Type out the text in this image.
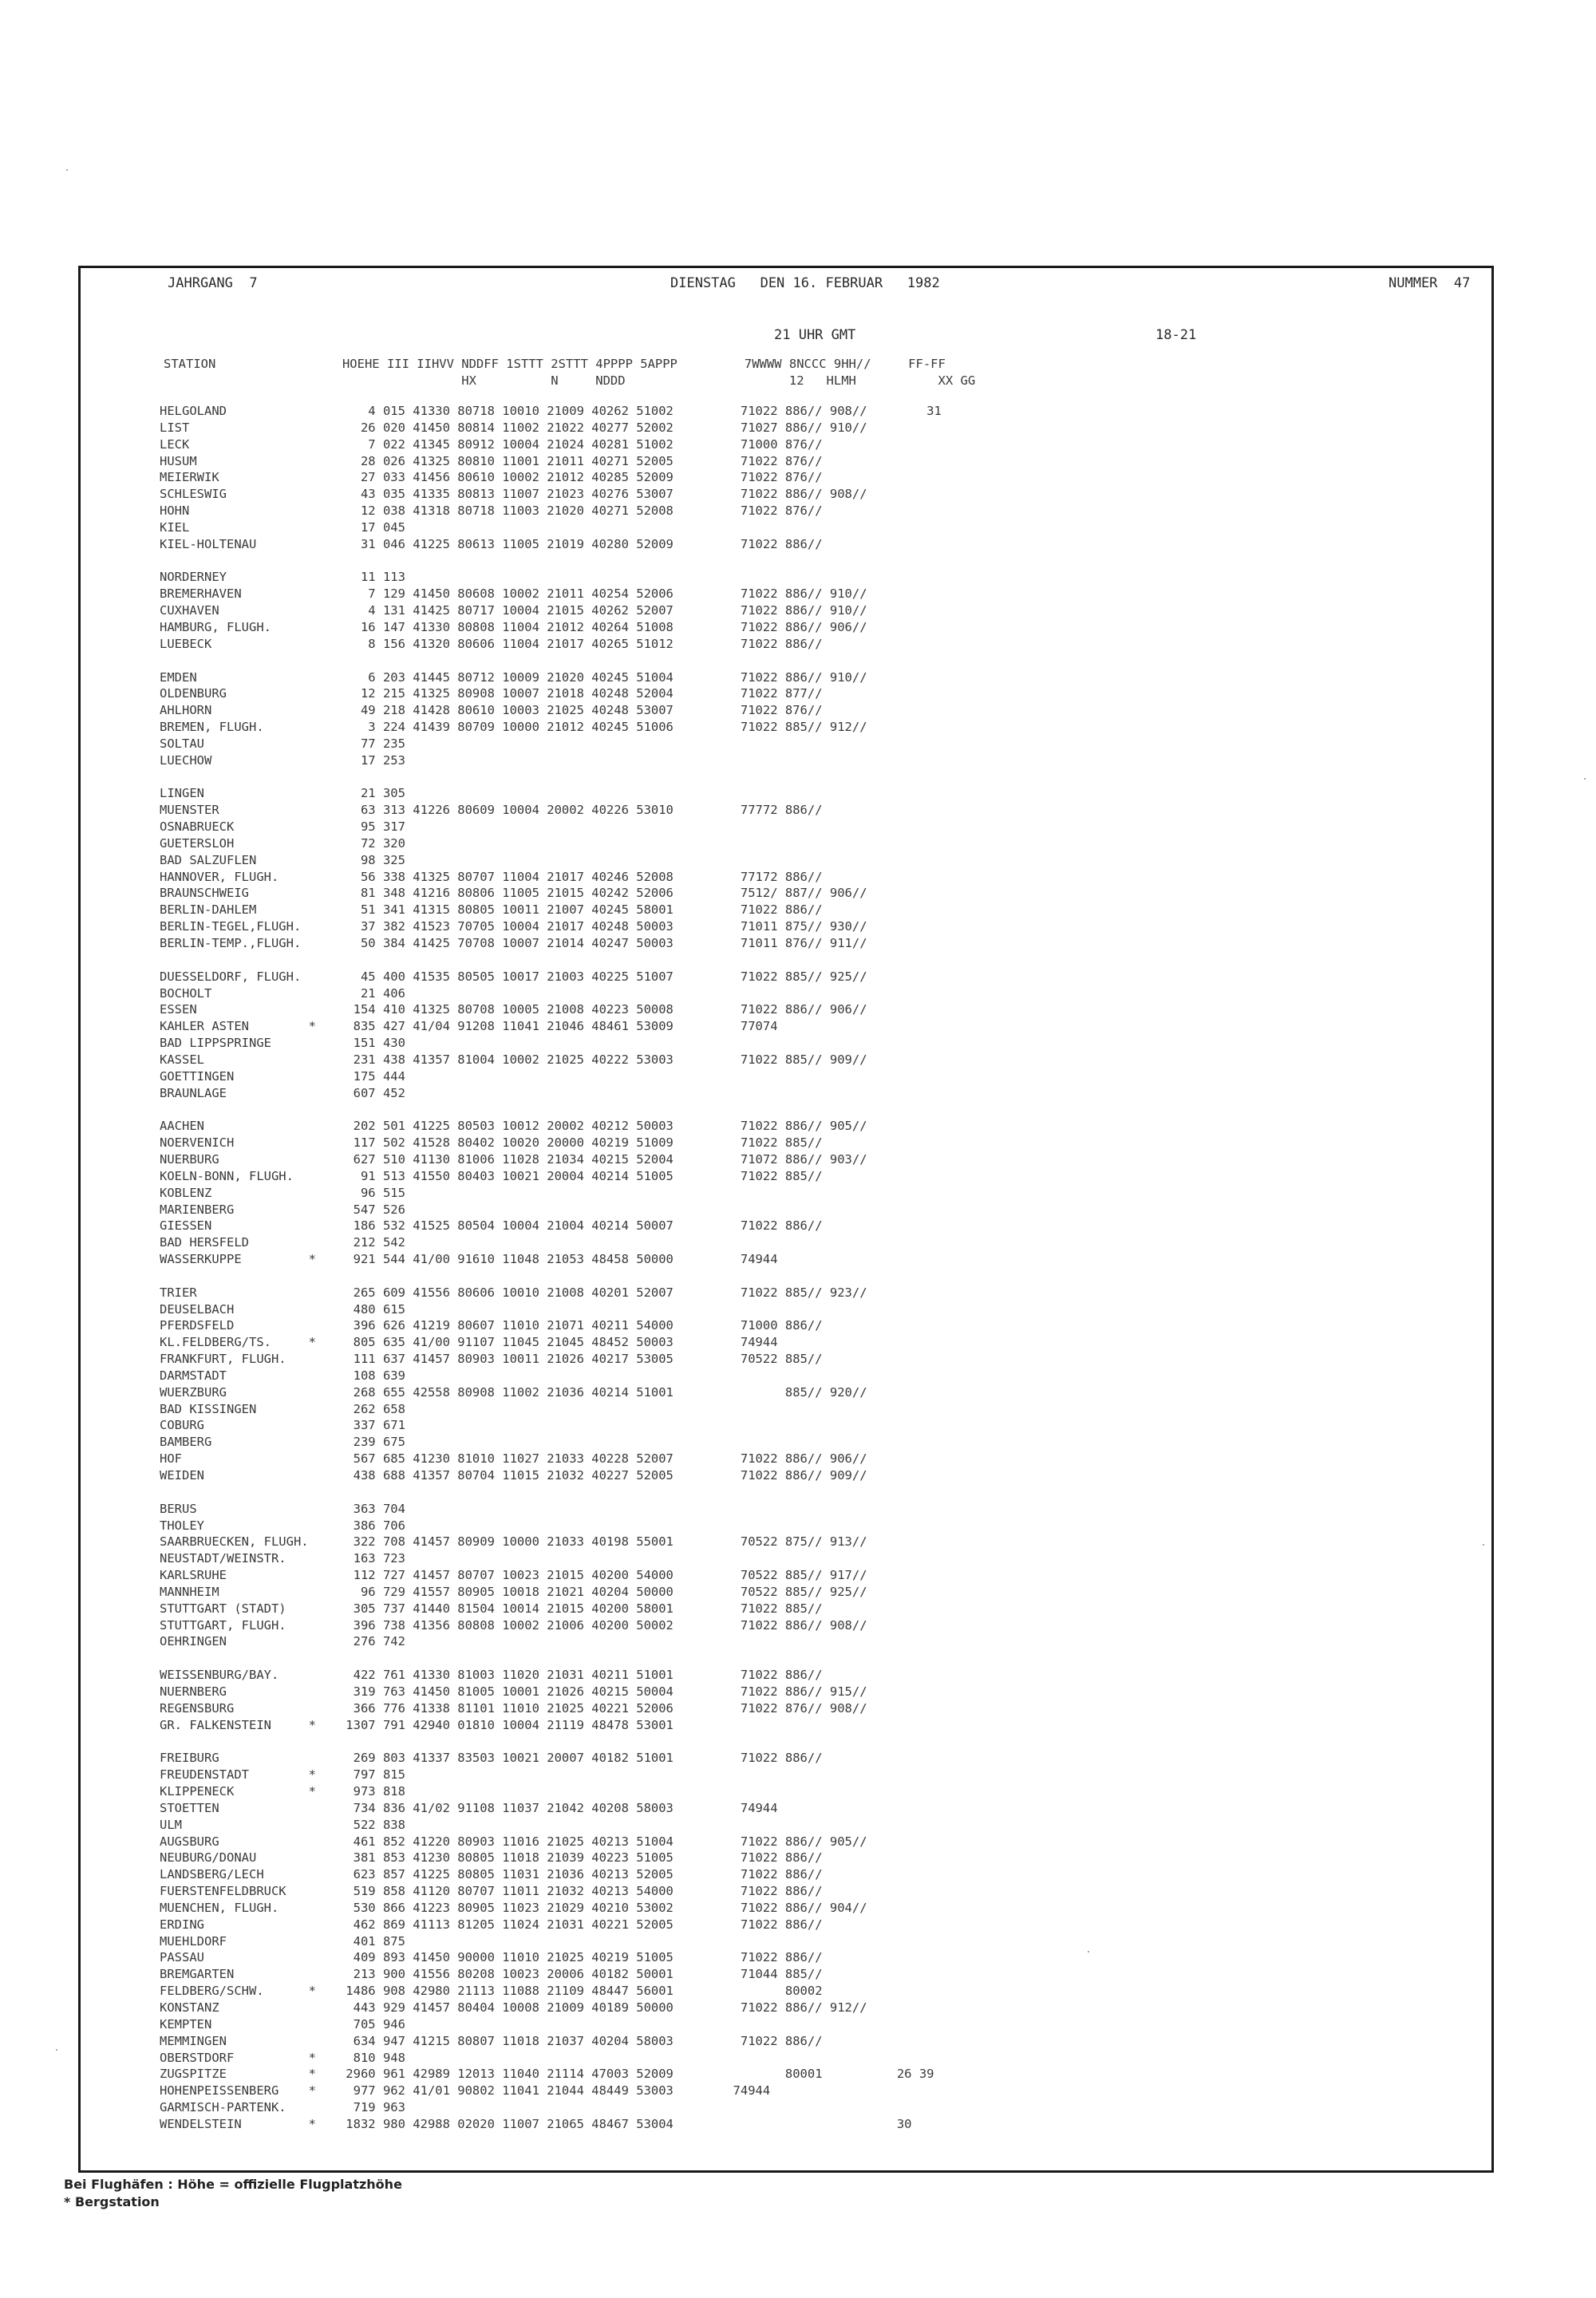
JAHRGANG  7	DIENSTAG   DEN 16. FEBRUAR   1982	NUMMER  47
21 UHR GMT	18-21
STATION                 HOEHE III IIHVV NDDFF 1STTT 2STTT 4PPPP 5APPP         7WWWW 8NCCC 9HH//     FF-FF
HX          N     NDDD                      12   HLMH           XX GG
HELGOLAND                   4 015 41330 80718 10010 21009 40262 51002         71022 886// 908//        31
LIST                       26 020 41450 80814 11002 21022 40277 52002         71027 886// 910//
LECK                        7 022 41345 80912 10004 21024 40281 51002         71000 876//
HUSUM                      28 026 41325 80810 11001 21011 40271 52005         71022 876//
MEIERWIK                   27 033 41456 80610 10002 21012 40285 52009         71022 876//
SCHLESWIG                  43 035 41335 80813 11007 21023 40276 53007         71022 886// 908//
HOHN                       12 038 41318 80718 11003 21020 40271 52008         71022 876//
KIEL                       17 045
KIEL-HOLTENAU              31 046 41225 80613 11005 21019 40280 52009         71022 886//
NORDERNEY                  11 113
BREMERHAVEN                 7 129 41450 80608 10002 21011 40254 52006         71022 886// 910//
CUXHAVEN                    4 131 41425 80717 10004 21015 40262 52007         71022 886// 910//
HAMBURG, FLUGH.            16 147 41330 80808 11004 21012 40264 51008         71022 886// 906//
LUEBECK                     8 156 41320 80606 11004 21017 40265 51012         71022 886//
EMDEN                       6 203 41445 80712 10009 21020 40245 51004         71022 886// 910//
OLDENBURG                  12 215 41325 80908 10007 21018 40248 52004         71022 877//
AHLHORN                    49 218 41428 80610 10003 21025 40248 53007         71022 876//
BREMEN, FLUGH.              3 224 41439 80709 10000 21012 40245 51006         71022 885// 912//
SOLTAU                     77 235
LUECHOW                    17 253
LINGEN                     21 305
MUENSTER                   63 313 41226 80609 10004 20002 40226 53010         77772 886//
OSNABRUECK                 95 317
GUETERSLOH                 72 320
BAD SALZUFLEN              98 325
HANNOVER, FLUGH.           56 338 41325 80707 11004 21017 40246 52008         77172 886//
BRAUNSCHWEIG               81 348 41216 80806 11005 21015 40242 52006         7512/ 887// 906//
BERLIN-DAHLEM              51 341 41315 80805 10011 21007 40245 58001         71022 886//
BERLIN-TEGEL,FLUGH.        37 382 41523 70705 10004 21017 40248 50003         71011 875// 930//
BERLIN-TEMP.,FLUGH.        50 384 41425 70708 10007 21014 40247 50003         71011 876// 911//
DUESSELDORF, FLUGH.        45 400 41535 80505 10017 21003 40225 51007         71022 885// 925//
BOCHOLT                    21 406
ESSEN                     154 410 41325 80708 10005 21008 40223 50008         71022 886// 906//
KAHLER ASTEN        *     835 427 41/04 91208 11041 21046 48461 53009         77074
BAD LIPPSPRINGE           151 430
KASSEL                    231 438 41357 81004 10002 21025 40222 53003         71022 885// 909//
GOETTINGEN                175 444
BRAUNLAGE                 607 452
AACHEN                    202 501 41225 80503 10012 20002 40212 50003         71022 886// 905//
NOERVENICH                117 502 41528 80402 10020 20000 40219 51009         71022 885//
NUERBURG                  627 510 41130 81006 11028 21034 40215 52004         71072 886// 903//
KOELN-BONN, FLUGH.         91 513 41550 80403 10021 20004 40214 51005         71022 885//
KOBLENZ                    96 515
MARIENBERG                547 526
GIESSEN                   186 532 41525 80504 10004 21004 40214 50007         71022 886//
BAD HERSFELD              212 542
WASSERKUPPE         *     921 544 41/00 91610 11048 21053 48458 50000         74944
TRIER                     265 609 41556 80606 10010 21008 40201 52007         71022 885// 923//
DEUSELBACH                480 615
PFERDSFELD                396 626 41219 80607 11010 21071 40211 54000         71000 886//
KL.FELDBERG/TS.     *     805 635 41/00 91107 11045 21045 48452 50003         74944
FRANKFURT, FLUGH.         111 637 41457 80903 10011 21026 40217 53005         70522 885//
DARMSTADT                 108 639
WUERZBURG                 268 655 42558 80908 11002 21036 40214 51001               885// 920//
BAD KISSINGEN             262 658
COBURG                    337 671
BAMBERG                   239 675
HOF                       567 685 41230 81010 11027 21033 40228 52007         71022 886// 906//
WEIDEN                    438 688 41357 80704 11015 21032 40227 52005         71022 886// 909//
BERUS                     363 704
THOLEY                    386 706
SAARBRUECKEN, FLUGH.      322 708 41457 80909 10000 21033 40198 55001         70522 875// 913//
NEUSTADT/WEINSTR.         163 723
KARLSRUHE                 112 727 41457 80707 10023 21015 40200 54000         70522 885// 917//
MANNHEIM                   96 729 41557 80905 10018 21021 40204 50000         70522 885// 925//
STUTTGART (STADT)         305 737 41440 81504 10014 21015 40200 58001         71022 885//
STUTTGART, FLUGH.         396 738 41356 80808 10002 21006 40200 50002         71022 886// 908//
OEHRINGEN                 276 742
WEISSENBURG/BAY.          422 761 41330 81003 11020 21031 40211 51001         71022 886//
NUERNBERG                 319 763 41450 81005 10001 21026 40215 50004         71022 886// 915//
REGENSBURG                366 776 41338 81101 11010 21025 40221 52006         71022 876// 908//
GR. FALKENSTEIN     *    1307 791 42940 01810 10004 21119 48478 53001
FREIBURG                  269 803 41337 83503 10021 20007 40182 51001         71022 886//
FREUDENSTADT        *     797 815
KLIPPENECK          *     973 818
STOETTEN                  734 836 41/02 91108 11037 21042 40208 58003         74944
ULM                       522 838
AUGSBURG                  461 852 41220 80903 11016 21025 40213 51004         71022 886// 905//
NEUBURG/DONAU             381 853 41230 80805 11018 21039 40223 51005         71022 886//
LANDSBERG/LECH            623 857 41225 80805 11031 21036 40213 52005         71022 886//
FUERSTENFELDBRUCK         519 858 41120 80707 11011 21032 40213 54000         71022 886//
MUENCHEN, FLUGH.          530 866 41223 80905 11023 21029 40210 53002         71022 886// 904//
ERDING                    462 869 41113 81205 11024 21031 40221 52005         71022 886//
MUEHLDORF                 401 875
PASSAU                    409 893 41450 90000 11010 21025 40219 51005         71022 886//
BREMGARTEN                213 900 41556 80208 10023 20006 40182 50001         71044 885//
FELDBERG/SCHW.      *    1486 908 42980 21113 11088 21109 48447 56001               80002
KONSTANZ                  443 929 41457 80404 10008 21009 40189 50000         71022 886// 912//
KEMPTEN                   705 946
MEMMINGEN                 634 947 41215 80807 11018 21037 40204 58003         71022 886//
OBERSTDORF          *     810 948
ZUGSPITZE           *    2960 961 42989 12013 11040 21114 47003 52009               80001          26 39
HOHENPEISSENBERG    *     977 962 41/01 90802 11041 21044 48449 53003        74944
GARMISCH-PARTENK.         719 963
WENDELSTEIN         *    1832 980 42988 02020 11007 21065 48467 53004                              30
Bei Flughäfen : Höhe = offizielle Flugplatzhöhe
* Bergstation
